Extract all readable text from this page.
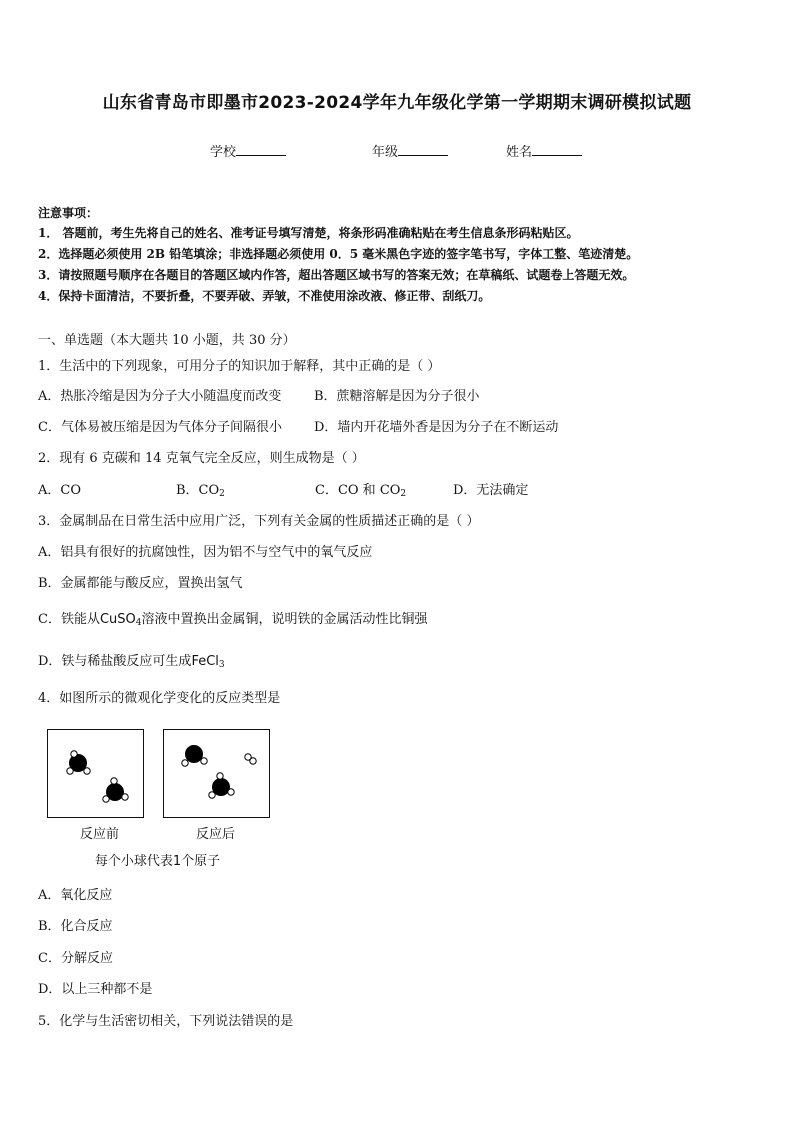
山东省青岛市即墨市2023-2024学年九年级化学第一学期期末调研模拟试题
学校	年级	姓名
注意事项：
1． 答题前，考生先将自己的姓名、准考证号填写清楚，将条形码准确粘贴在考生信息条形码粘贴区。
2．选择题必须使用 2B 铅笔填涂；非选择题必须使用 0．5 毫米黑色字迹的签字笔书写，字体工整、笔迹清楚。
3．请按照题号顺序在各题目的答题区域内作答，超出答题区域书写的答案无效；在草稿纸、试题卷上答题无效。
4．保持卡面清洁，不要折叠，不要弄破、弄皱，不准使用涂改液、修正带、刮纸刀。
一、单选题（本大题共 10 小题，共 30 分）
1．生活中的下列现象，可用分子的知识加于解释，其中正确的是（ ）
A．热胀冷缩是因为分子大小随温度而改变	B．蔗糖溶解是因为分子很小
C．气体易被压缩是因为气体分子间隔很小 D．墙内开花墙外香是因为分子在不断运动
2．现有 6 克碳和 14 克氧气完全反应，则生成物是（ ）
A．CO	B．$CO_2$	C．CO 和 $CO_2$	D．无法确定
3．金属制品在日常生活中应用广泛，下列有关金属的性质描述正确的是（ ）
A．铝具有很好的抗腐蚀性，因为铝不与空气中的氧气反应
B．金属都能与酸反应，置换出氢气
C．铁能从CuSO$_4$溶液中置换出金属铜，说明铁的金属活动性比铜强
D．铁与稀盐酸反应可生成FeCl$_3$
4．如图所示的微观化学变化的反应类型是
反应前	反应后
每个小球代表1个原子
A．氧化反应
B．化合反应
C．分解反应
D．以上三种都不是
5．化学与生活密切相关，下列说法错误的是
